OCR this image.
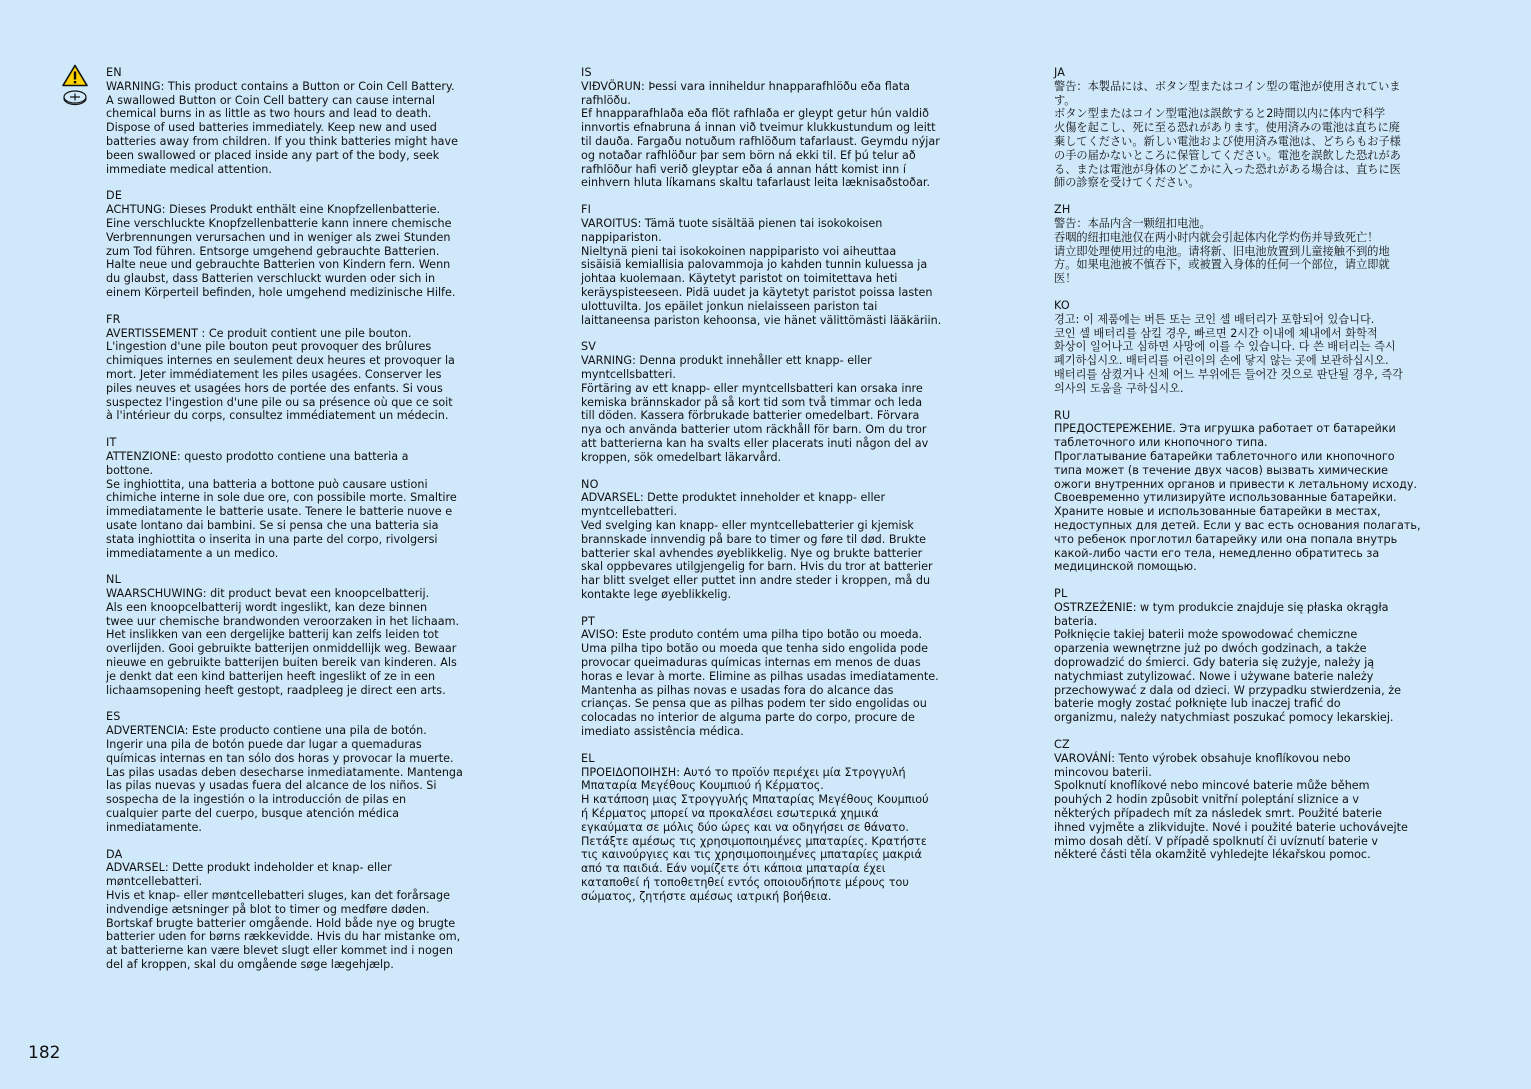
EN

WARNING: This product contains a Button or Coin Cell Battery.

A swallowed Button or Coin Cell battery can cause internal

chemical burns in as little as two hours and lead to death.

Dispose of used batteries immediately. Keep new and used

batteries away from children. If you think batteries might have

been swallowed or placed inside any part of the body, seek

immediate medical attention.

DE

ACHTUNG: Dieses Produkt enthält eine Knopfzellenbatterie.

Eine verschluckte Knopfzellenbatterie kann innere chemische

Verbrennungen verursachen und in weniger als zwei Stunden

zum Tod führen. Entsorge umgehend gebrauchte Batterien.

Halte neue und gebrauchte Batterien von Kindern fern. Wenn

du glaubst, dass Batterien verschluckt wurden oder sich in

einem Körperteil befinden, hole umgehend medizinische Hilfe.

FR

AVERTISSEMENT : Ce produit contient une pile bouton.

L'ingestion d'une pile bouton peut provoquer des brûlures

chimiques internes en seulement deux heures et provoquer la

mort. Jeter immédiatement les piles usagées. Conserver les

piles neuves et usagées hors de portée des enfants. Si vous

suspectez l'ingestion d'une pile ou sa présence où que ce soit

à l'intérieur du corps, consultez immédiatement un médecin.

IT

ATTENZIONE: questo prodotto contiene una batteria a

bottone.

Se inghiottita, una batteria a bottone può causare ustioni

chimiche interne in sole due ore, con possibile morte. Smaltire

immediatamente le batterie usate. Tenere le batterie nuove e

usate lontano dai bambini. Se si pensa che una batteria sia

stata inghiottita o inserita in una parte del corpo, rivolgersi

immediatamente a un medico.

NL

WAARSCHUWING: dit product bevat een knoopcelbatterij.

Als een knoopcelbatterij wordt ingeslikt, kan deze binnen

twee uur chemische brandwonden veroorzaken in het lichaam.

Het inslikken van een dergelijke batterij kan zelfs leiden tot

overlijden. Gooi gebruikte batterijen onmiddellijk weg. Bewaar

nieuwe en gebruikte batterijen buiten bereik van kinderen. Als

je denkt dat een kind batterijen heeft ingeslikt of ze in een

lichaamsopening heeft gestopt, raadpleeg je direct een arts.

ES

ADVERTENCIA: Este producto contiene una pila de botón.

Ingerir una pila de botón puede dar lugar a quemaduras

químicas internas en tan sólo dos horas y provocar la muerte.

Las pilas usadas deben desecharse inmediatamente. Mantenga

las pilas nuevas y usadas fuera del alcance de los niños. Si

sospecha de la ingestión o la introducción de pilas en

cualquier parte del cuerpo, busque atención médica

inmediatamente.

DA

ADVARSEL: Dette produkt indeholder et knap- eller

møntcellebatteri.

Hvis et knap- eller møntcellebatteri sluges, kan det forårsage

indvendige ætsninger på blot to timer og medføre døden.

Bortskaf brugte batterier omgående. Hold både nye og brugte

batterier uden for børns rækkevidde. Hvis du har mistanke om,

at batterierne kan være blevet slugt eller kommet ind i nogen

del af kroppen, skal du omgående søge lægehjælp.

IS

VIÐVÖRUN: Þessi vara inniheldur hnapparafhlöðu eða flata

rafhlöðu.

Ef hnapparafhlaða eða flöt rafhlaða er gleypt getur hún valdið

innvortis efnabruna á innan við tveimur klukkustundum og leitt

til dauða. Fargaðu notuðum rafhlöðum tafarlaust. Geymdu nýjar

og notaðar rafhlöður þar sem börn ná ekki til. Ef þú telur að

rafhlöður hafi verið gleyptar eða á annan hátt komist inn í

einhvern hluta líkamans skaltu tafarlaust leita læknisaðstoðar.

FI

VAROITUS: Tämä tuote sisältää pienen tai isokokoisen

nappipariston.

Nieltynä pieni tai isokokoinen nappiparisto voi aiheuttaa

sisäisiä kemiallisia palovammoja jo kahden tunnin kuluessa ja

johtaa kuolemaan. Käytetyt paristot on toimitettava heti

keräyspisteeseen. Pidä uudet ja käytetyt paristot poissa lasten

ulottuvilta. Jos epäilet jonkun nielaisseen pariston tai

laittaneensa pariston kehoonsa, vie hänet välittömästi lääkäriin.

SV

VARNING: Denna produkt innehåller ett knapp- eller

myntcellsbatteri.

Förtäring av ett knapp- eller myntcellsbatteri kan orsaka inre

kemiska brännskador på så kort tid som två timmar och leda

till döden. Kassera förbrukade batterier omedelbart. Förvara

nya och använda batterier utom räckhåll för barn. Om du tror

att batterierna kan ha svalts eller placerats inuti någon del av

kroppen, sök omedelbart läkarvård.

NO

ADVARSEL: Dette produktet inneholder et knapp- eller

myntcellebatteri.

Ved svelging kan knapp- eller myntcellebatterier gi kjemisk

brannskade innvendig på bare to timer og føre til død. Brukte

batterier skal avhendes øyeblikkelig. Nye og brukte batterier

skal oppbevares utilgjengelig for barn. Hvis du tror at batterier

har blitt svelget eller puttet inn andre steder i kroppen, må du

kontakte lege øyeblikkelig.

PT

AVISO: Este produto contém uma pilha tipo botão ou moeda.

Uma pilha tipo botão ou moeda que tenha sido engolida pode

provocar queimaduras químicas internas em menos de duas

horas e levar à morte. Elimine as pilhas usadas imediatamente.

Mantenha as pilhas novas e usadas fora do alcance das

crianças. Se pensa que as pilhas podem ter sido engolidas ou

colocadas no interior de alguma parte do corpo, procure de

imediato assistência médica.

EL

ΠΡΟΕΙΔΟΠΟΙΗΣΗ: Αυτό το προϊόν περιέχει μία Στρογγυλή

Μπαταρία Μεγέθους Κουμπιού ή Κέρματος.

Η κατάποση μιας Στρογγυλής Μπαταρίας Μεγέθους Κουμπιού

ή Κέρματος μπορεί να προκαλέσει εσωτερικά χημικά

εγκαύματα σε μόλις δύο ώρες και να οδηγήσει σε θάνατο.

Πετάξτε αμέσως τις χρησιμοποιημένες μπαταρίες. Κρατήστε

τις καινούργιες και τις χρησιμοποιημένες μπαταρίες μακριά

από τα παιδιά. Εάν νομίζετε ότι κάποια μπαταρία έχει

καταποθεί ή τοποθετηθεί εντός οποιουδήποτε μέρους του

σώματος, ζητήστε αμέσως ιατρική βοήθεια.

JA

警告：本製品には、ボタン型またはコイン型の電池が使用されていま

す。

ボタン型またはコイン型電池は誤飲すると2時間以内に体内で科学

火傷を起こし、死に至る恐れがあります。使用済みの電池は直ちに廃

棄してください。新しい電池および使用済み電池は、どちらもお子様

の手の届かないところに保管してください。電池を誤飲した恐れがあ

る、または電池が身体のどこかに入った恐れがある場合は、直ちに医

師の診察を受けてください。

ZH

警告：本品内含一颗纽扣电池。

吞咽的纽扣电池仅在两小时内就会引起体内化学灼伤并导致死亡！

请立即处理使用过的电池。请将新、旧电池放置到儿童接触不到的地

方。如果电池被不慎吞下，或被置入身体的任何一个部位，请立即就

医！

KO

경고: 이 제품에는 버튼 또는 코인 셀 배터리가 포함되어 있습니다.

코인 셀 배터리를 삼킬 경우, 빠르면 2시간 이내에 체내에서 화학적

화상이 일어나고 심하면 사망에 이를 수 있습니다. 다 쓴 배터리는 즉시

폐기하십시오. 배터리를 어린이의 손에 닿지 않는 곳에 보관하십시오.

배터리를 삼켰거나 신체 어느 부위에든 들어간 것으로 판단될 경우, 즉각

의사의 도움을 구하십시오.

RU

ПРЕДОСТЕРЕЖЕНИЕ. Эта игрушка работает от батарейки

таблеточного или кнопочного типа.

Проглатывание батарейки таблеточного или кнопочного

типа может (в течение двух часов) вызвать химические

ожоги внутренних органов и привести к летальному исходу.

Своевременно утилизируйте использованные батарейки.

Храните новые и использованные батарейки в местах,

недоступных для детей. Если у вас есть основания полагать,

что ребенок проглотил батарейку или она попала внутрь

какой-либо части его тела, немедленно обратитесь за

медицинской помощью.

PL

OSTRZEŻENIE: w tym produkcie znajduje się płaska okrągła

bateria.

Połknięcie takiej baterii może spowodować chemiczne

oparzenia wewnętrzne już po dwóch godzinach, a także

doprowadzić do śmierci. Gdy bateria się zużyje, należy ją

natychmiast zutylizować. Nowe i używane baterie należy

przechowywać z dala od dzieci. W przypadku stwierdzenia, że

baterie mogły zostać połknięte lub inaczej trafić do

organizmu, należy natychmiast poszukać pomocy lekarskiej.

CZ

VAROVÁNÍ: Tento výrobek obsahuje knoflíkovou nebo

mincovou baterii.

Spolknutí knoflíkové nebo mincové baterie může během

pouhých 2 hodin způsobit vnitřní poleptání sliznice a v

některých případech mít za následek smrt. Použité baterie

ihned vyjměte a zlikvidujte. Nové i použité baterie uchovávejte

mimo dosah dětí. V případě spolknutí či uvíznutí baterie v

některé části těla okamžitě vyhledejte lékařskou pomoc.

182
